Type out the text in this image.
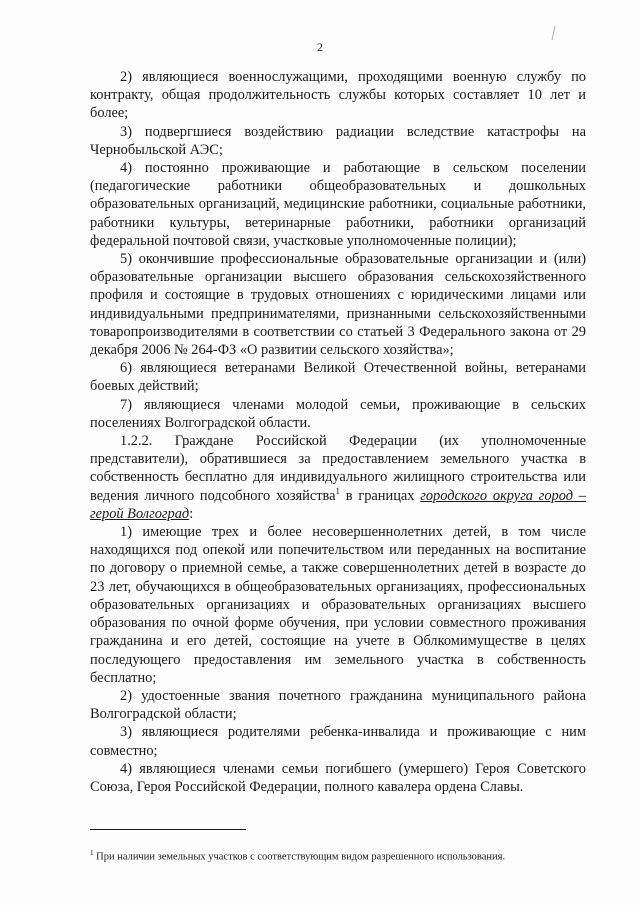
2

2) являющиеся военнослужащими, проходящими военную службу по контракту, общая продолжительность службы которых составляет 10 лет и более;

3) подвергшиеся воздействию радиации вследствие катастрофы на Чернобыльской АЭС;

4) постоянно проживающие и работающие в сельском поселении (педагогические работники общеобразовательных и дошкольных образовательных организаций, медицинские работники, социальные работники, работники культуры, ветеринарные работники, работники организаций федеральной почтовой связи, участковые уполномоченные полиции);

5) окончившие профессиональные образовательные организации и (или) образовательные организации высшего образования сельскохозяйственного профиля и состоящие в трудовых отношениях с юридическими лицами или индивидуальными предпринимателями, признанными сельскохозяйственными товаропроизводителями в соответствии со статьей 3 Федерального закона от 29 декабря 2006 № 264-ФЗ «О развитии сельского хозяйства»;

6) являющиеся ветеранами Великой Отечественной войны, ветеранами боевых действий;

7) являющиеся членами молодой семьи, проживающие в сельских поселениях Волгоградской области.

1.2.2. Граждане Российской Федерации (их уполномоченные представители), обратившиеся за предоставлением земельного участка в собственность бесплатно для индивидуального жилищного строительства или ведения личного подсобного хозяйства$^1$ в границах городского округа город –герой Волгоград:

1) имеющие трех и более несовершеннолетних детей, в том числе находящихся под опекой или попечительством или переданных на воспитание по договору о приемной семье, а также совершеннолетних детей в возрасте до 23 лет, обучающихся в общеобразовательных организациях, профессиональных образовательных организациях и образовательных организациях высшего образования по очной форме обучения, при условии совместного проживания гражданина и его детей, состоящие на учете в Облкомимуществе в целях последующего предоставления им земельного участка в собственность бесплатно;

2) удостоенные звания почетного гражданина муниципального района Волгоградской области;

3) являющиеся родителями ребенка-инвалида и проживающие с ним совместно;

4) являющиеся членами семьи погибшего (умершего) Героя Советского Союза, Героя Российской Федерации, полного кавалера ордена Славы.

$^1$ При наличии земельных участков с соответствующим видом разрешенного использования.
